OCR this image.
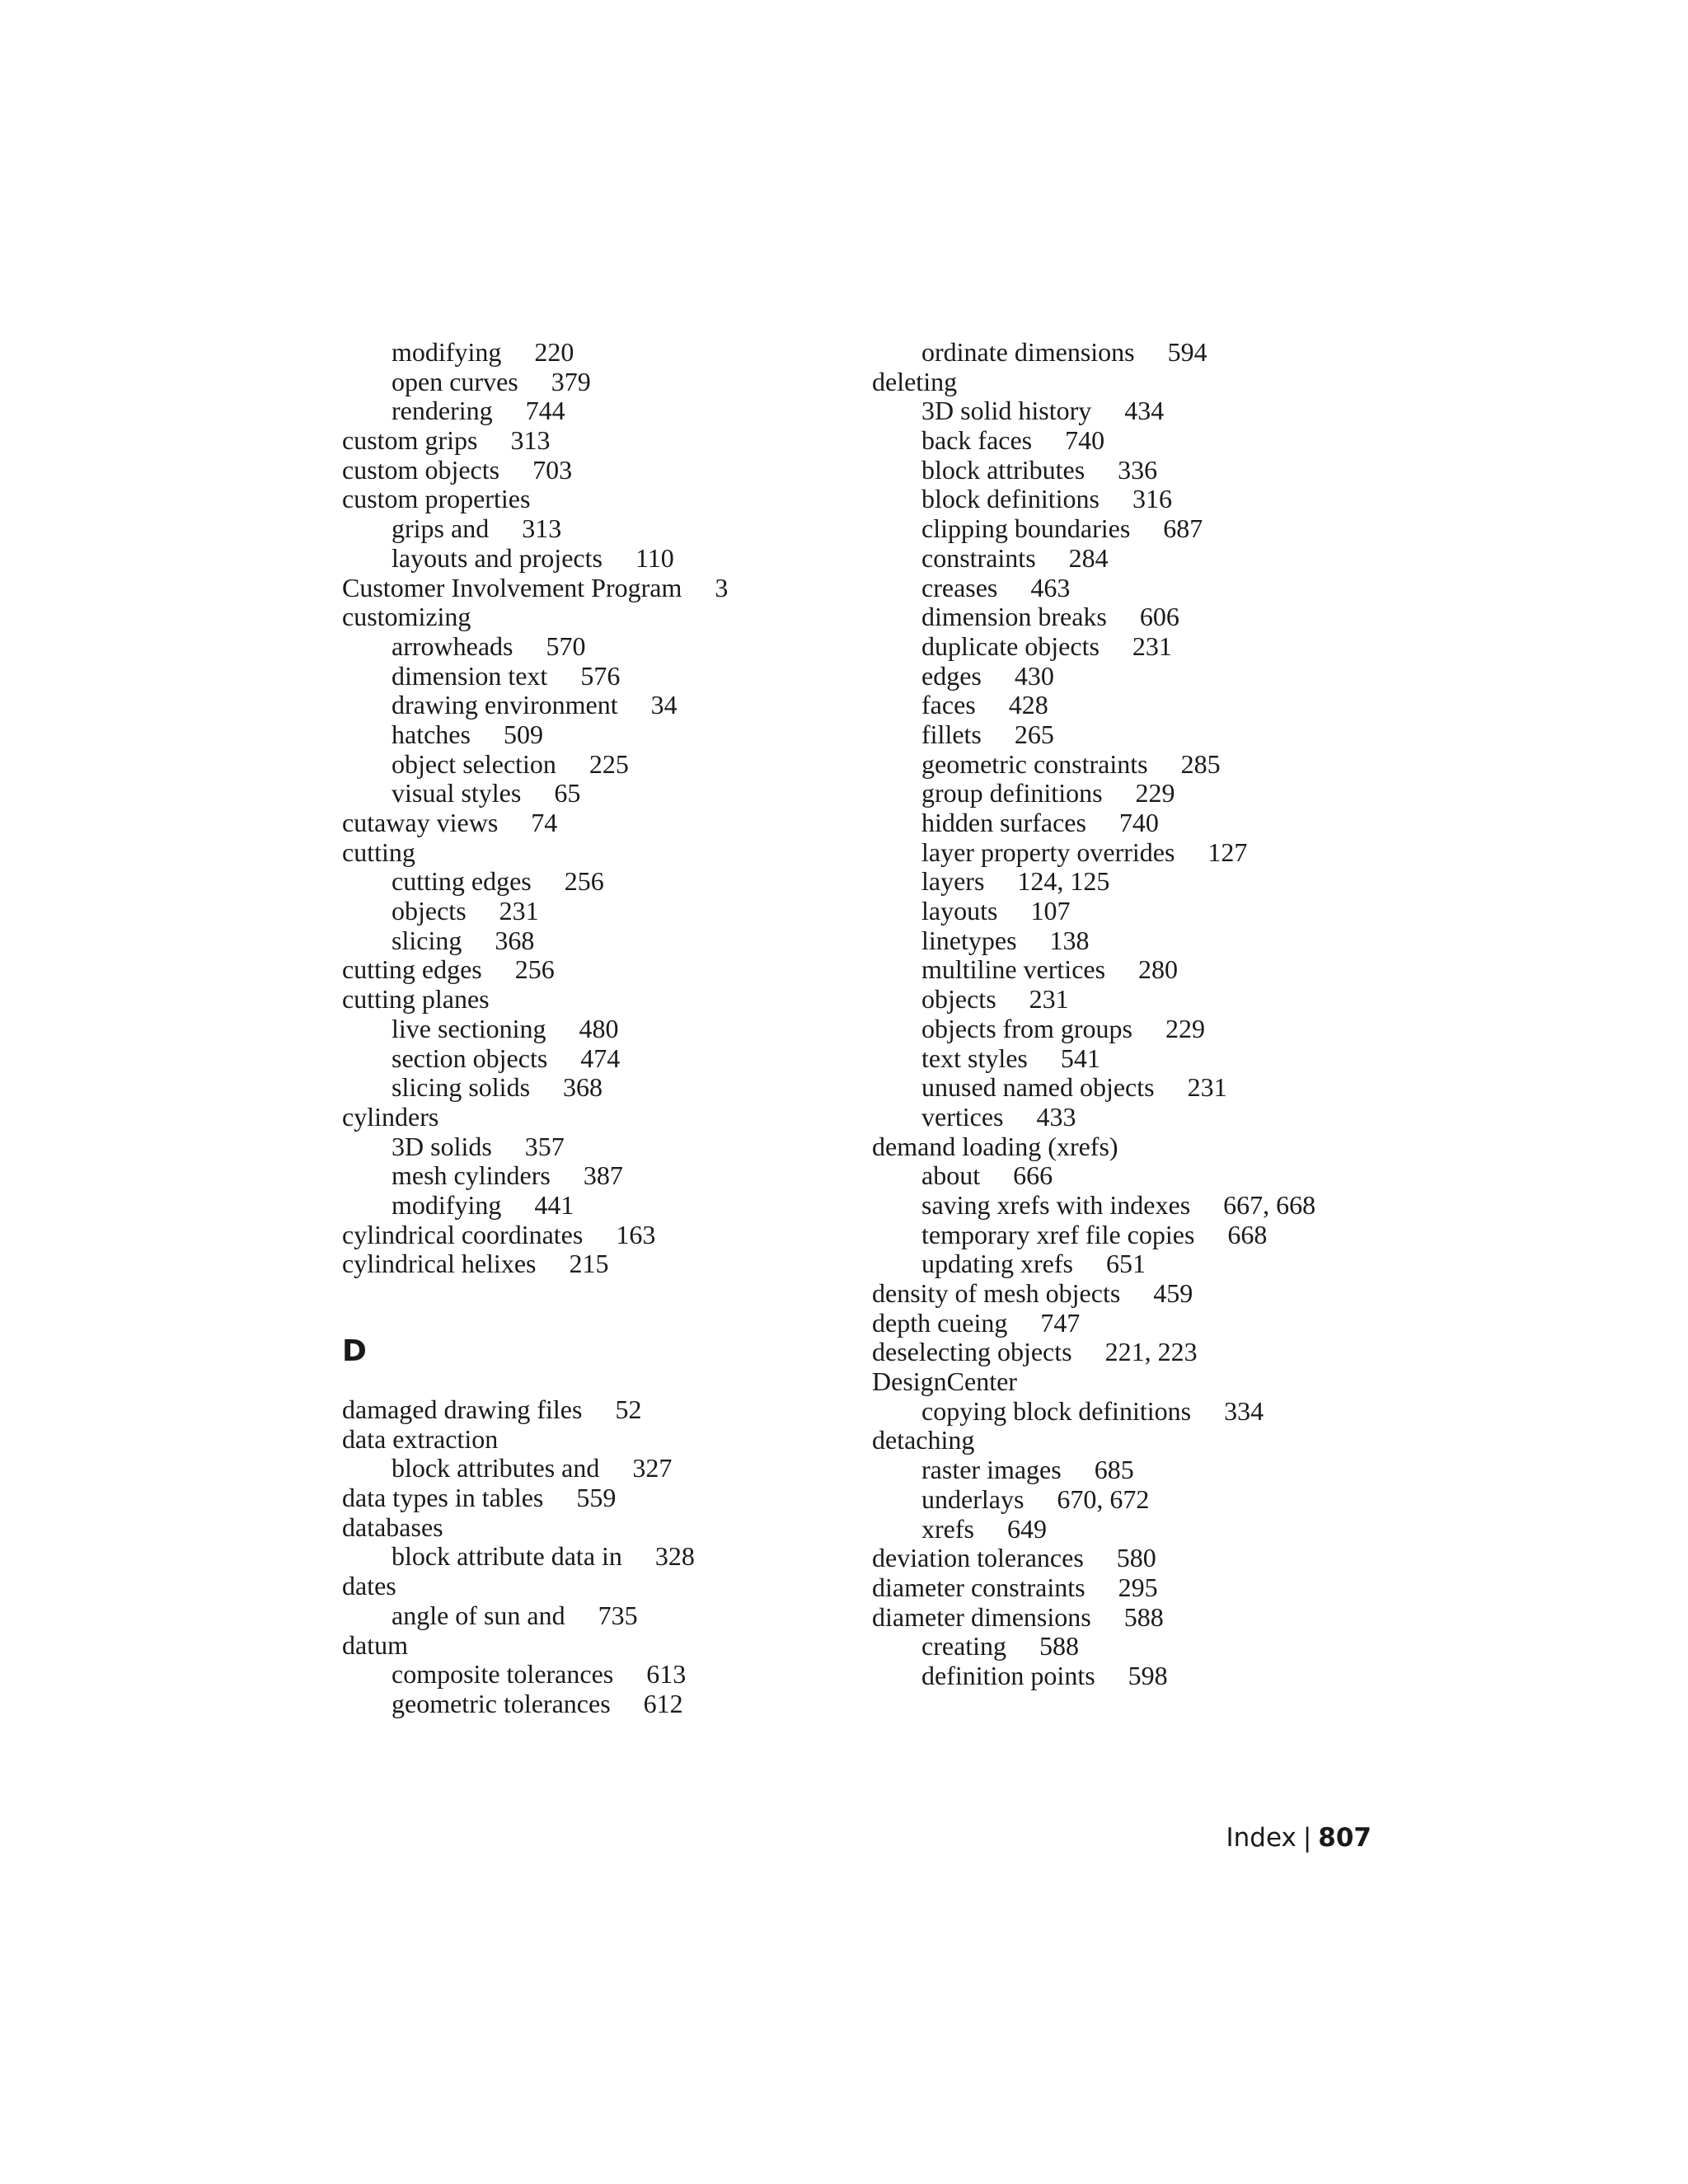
modifying 220
open curves 379
rendering 744
custom grips 313
custom objects 703
custom properties
grips and 313
layouts and projects 110
Customer Involvement Program 3
customizing
arrowheads 570
dimension text 576
drawing environment 34
hatches 509
object selection 225
visual styles 65
cutaway views 74
cutting
cutting edges 256
objects 231
slicing 368
cutting edges 256
cutting planes
live sectioning 480
section objects 474
slicing solids 368
cylinders
3D solids 357
mesh cylinders 387
modifying 441
cylindrical coordinates 163
cylindrical helixes 215
D
damaged drawing files 52
data extraction
block attributes and 327
data types in tables 559
databases
block attribute data in 328
dates
angle of sun and 735
datum
composite tolerances 613
geometric tolerances 612
ordinate dimensions 594
deleting
3D solid history 434
back faces 740
block attributes 336
block definitions 316
clipping boundaries 687
constraints 284
creases 463
dimension breaks 606
duplicate objects 231
edges 430
faces 428
fillets 265
geometric constraints 285
group definitions 229
hidden surfaces 740
layer property overrides 127
layers 124, 125
layouts 107
linetypes 138
multiline vertices 280
objects 231
objects from groups 229
text styles 541
unused named objects 231
vertices 433
demand loading (xrefs)
about 666
saving xrefs with indexes 667, 668
temporary xref file copies 668
updating xrefs 651
density of mesh objects 459
depth cueing 747
deselecting objects 221, 223
DesignCenter
copying block definitions 334
detaching
raster images 685
underlays 670, 672
xrefs 649
deviation tolerances 580
diameter constraints 295
diameter dimensions 588
creating 588
definition points 598
Index | 807
